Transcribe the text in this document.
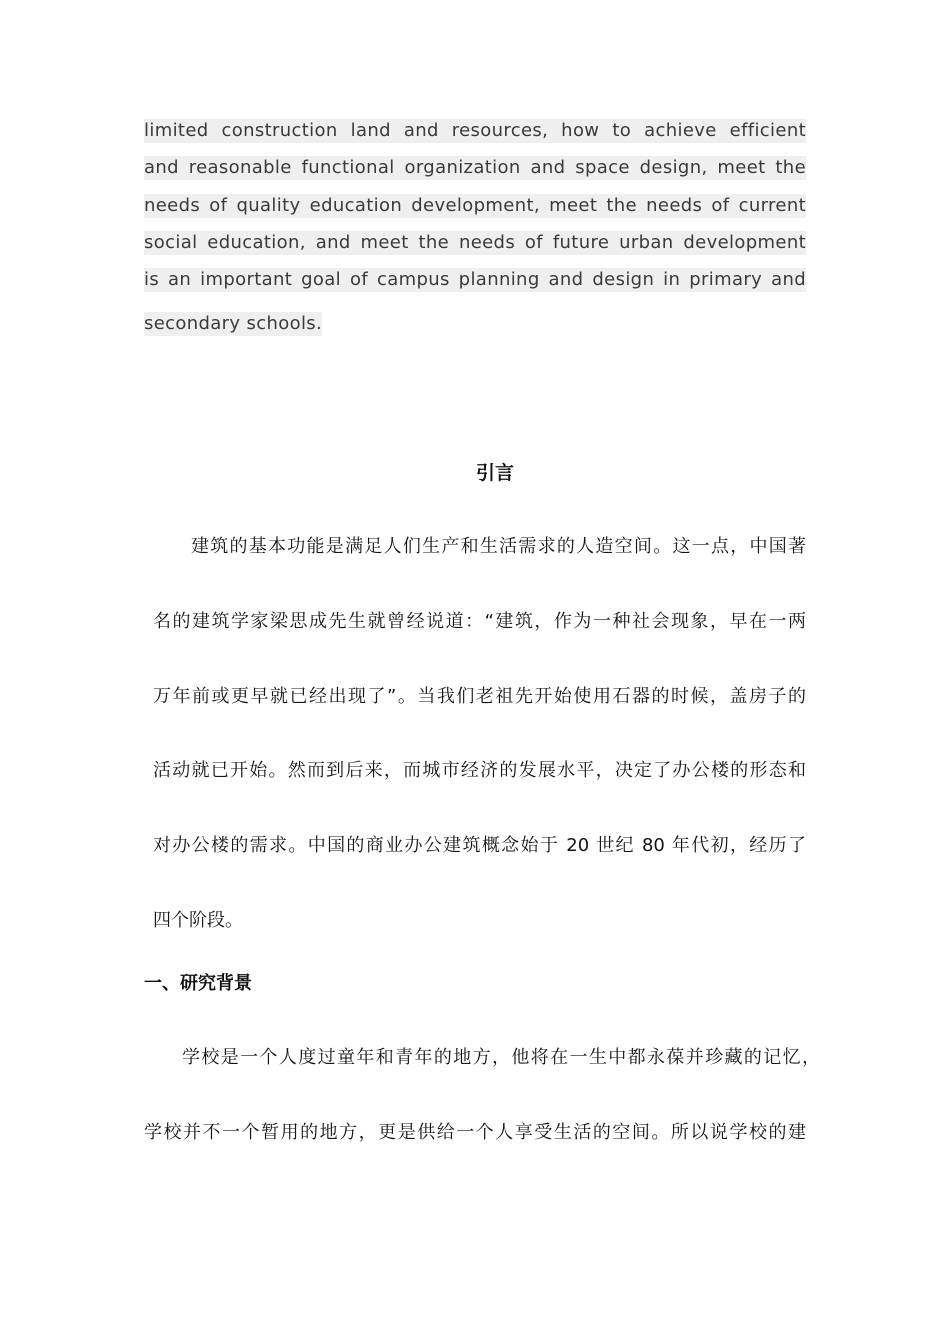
limited construction land and resources, how to achieve efficient
and reasonable functional organization and space design, meet the
needs of quality education development, meet the needs of current
social education, and meet the needs of future urban development
is an important goal of campus planning and design in primary and
secondary schools.
引言
建筑的基本功能是满足人们生产和生活需求的人造空间。这一点，中国著
名的建筑学家梁思成先生就曾经说道：“建筑，作为一种社会现象，早在一两
万年前或更早就已经出现了”。当我们老祖先开始使用石器的时候，盖房子的
活动就已开始。然而到后来，而城市经济的发展水平，决定了办公楼的形态和
对办公楼的需求。中国的商业办公建筑概念始于 20 世纪 80 年代初，经历了
四个阶段。
一、研究背景
学校是一个人度过童年和青年的地方，他将在一生中都永葆并珍藏的记忆，
学校并不一个暂用的地方，更是供给一个人享受生活的空间。所以说学校的建
